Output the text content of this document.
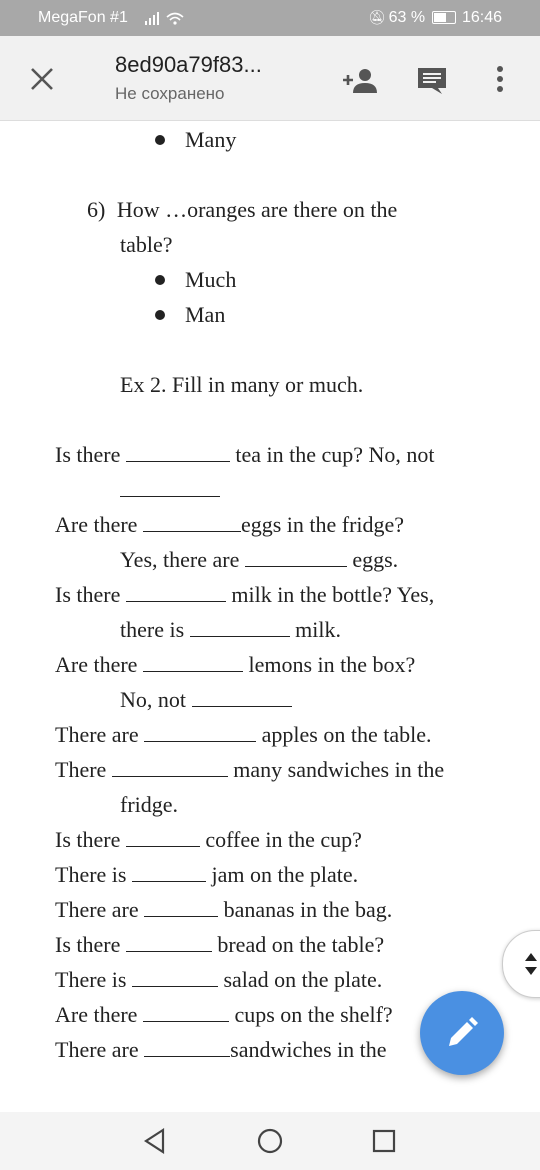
MegaFon #1	🔕︎ 63 % 16:46
8ed90a79f83...
Не сохранено
Many
6) How …oranges are there on the
table?
Much
Man
Ex 2. Fill in many or much.
Is there	tea in the cup? No, not
Are there	eggs in the fridge?
Yes, there are	eggs.
Is there	milk in the bottle? Yes,
there is	milk.
Are there	lemons in the box?
No, not
There are	apples on the table.
There	many sandwiches in the
fridge.
Is there	coffee in the cup?
There is	jam on the plate.
There are	bananas in the bag.
Is there	bread on the table?
There is	salad on the plate.
Are there	cups on the shelf?
There are	sandwiches in the
